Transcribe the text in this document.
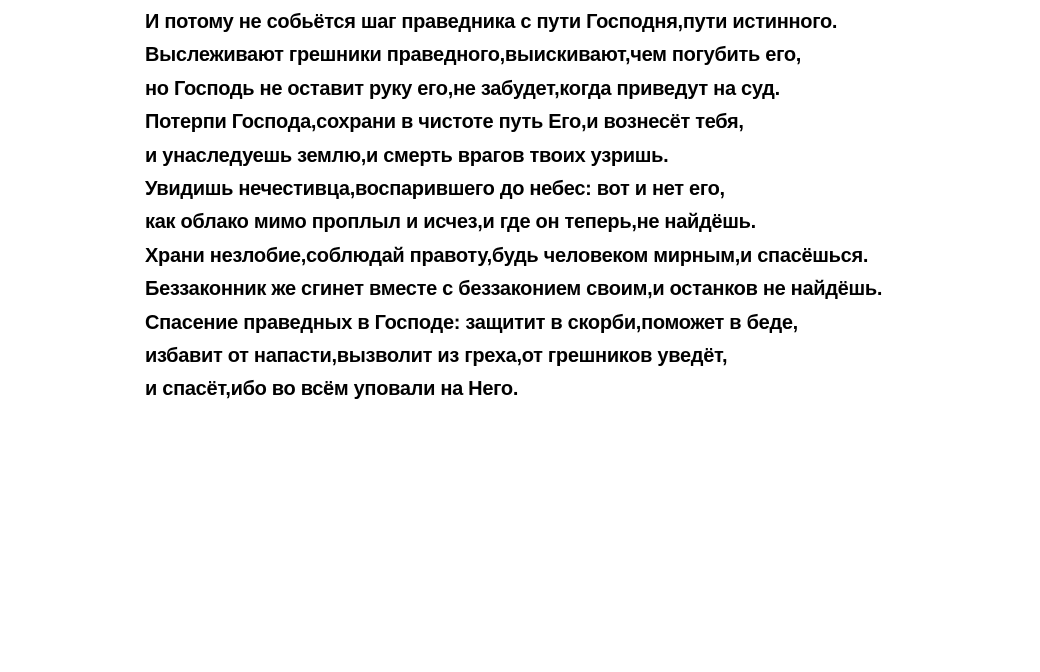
И потому не собьётся шаг праведника с пути Господня,пути истинного.
Выслеживают грешники праведного,выискивают,чем погубить его,
но Господь не оставит руку его,не забудет,когда приведут на суд.
Потерпи Господа,сохрани в чистоте путь Его,и вознесёт тебя,
и унаследуешь землю,и смерть врагов твоих узришь.
Увидишь нечестивца,воспарившего до небес: вот и нет его,
как облако мимо проплыл и исчез,и где он теперь,не найдёшь.
Храни незлобие,соблюдай правоту,будь человеком мирным,и спасёшься.
Беззаконник же сгинет вместе с беззаконием своим,и останков не найдёшь.
Спасение праведных в Господе: защитит в скорби,поможет в беде,
избавит от напасти,вызволит из греха,от грешников уведёт,
и спасёт,ибо во всём уповали на Него.
